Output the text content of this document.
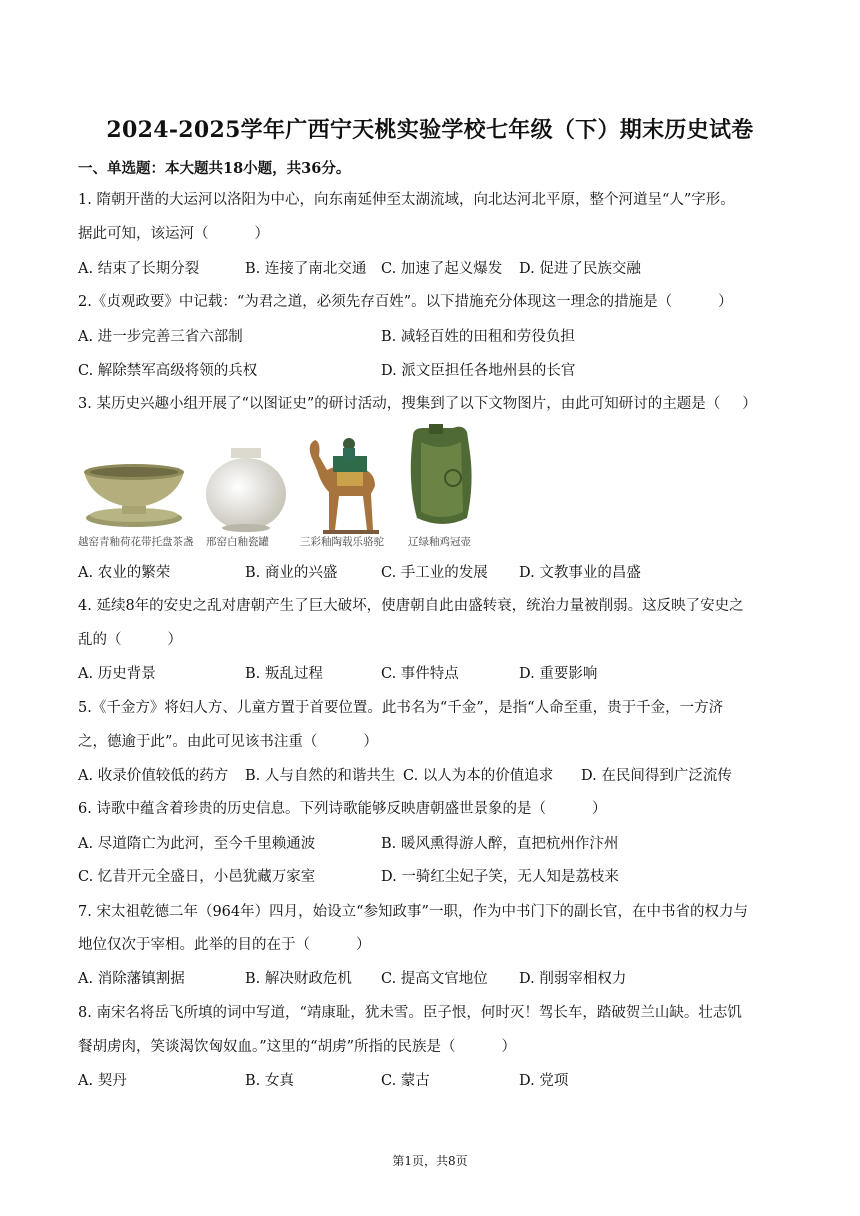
2024-2025学年广西宁天桃实验学校七年级（下）期末历史试卷
一、单选题：本大题共18小题，共36分。
1. 隋朝开凿的大运河以洛阳为中心，向东南延伸至太湖流域，向北达河北平原，整个河道呈“人”字形。
据此可知，该运河（	）
A. 结束了长期分裂	B. 连接了南北交通 C. 加速了起义爆发 D. 促进了民族交融
2.《贞观政要》中记载：“为君之道，必须先存百姓”。以下措施充分体现这一理念的措施是（	）
A. 进一步完善三省六部制	B. 减轻百姓的田租和劳役负担
C. 解除禁军高级将领的兵权	D. 派文臣担任各地州县的长官
3. 某历史兴趣小组开展了“以图证史”的研讨活动，搜集到了以下文物图片，由此可知研讨的主题是（ ）
越窑青釉荷花带托盘茶盏 邢窑白釉瓷罐	三彩釉陶载乐骆驼 辽绿釉鸡冠壶
A. 农业的繁荣	B. 商业的兴盛	C. 手工业的发展 D. 文教事业的昌盛
4. 延续8年的安史之乱对唐朝产生了巨大破坏，使唐朝自此由盛转衰，统治力量被削弱。这反映了安史之
乱的（	）
A. 历史背景	B. 叛乱过程	C. 事件特点	D. 重要影响
5.《千金方》将妇人方、儿童方置于首要位置。此书名为“千金”，是指“人命至重，贵于千金，一方济
之，德逾于此”。由此可见该书注重（	）
A. 收录价值较低的药方 B. 人与自然的和谐共生 C. 以人为本的价值追求 D. 在民间得到广泛流传
6. 诗歌中蕴含着珍贵的历史信息。下列诗歌能够反映唐朝盛世景象的是（	）
A. 尽道隋亡为此河，至今千里赖通波	B. 暖风熏得游人醉，直把杭州作汴州
C. 忆昔开元全盛日，小邑犹藏万家室	D. 一骑红尘妃子笑，无人知是荔枝来
7. 宋太祖乾德二年（964年）四月，始设立“参知政事”一职，作为中书门下的副长官，在中书省的权力与
地位仅次于宰相。此举的目的在于（	）
A. 消除藩镇割据	B. 解决财政危机 C. 提高文官地位 D. 削弱宰相权力
8. 南宋名将岳飞所填的词中写道，“靖康耻，犹未雪。臣子恨，何时灭！驾长车，踏破贺兰山缺。壮志饥
餐胡虏肉，笑谈渴饮匈奴血。”这里的“胡虏”所指的民族是（	）
A. 契丹	B. 女真	C. 蒙古	D. 党项
第1页，共8页
